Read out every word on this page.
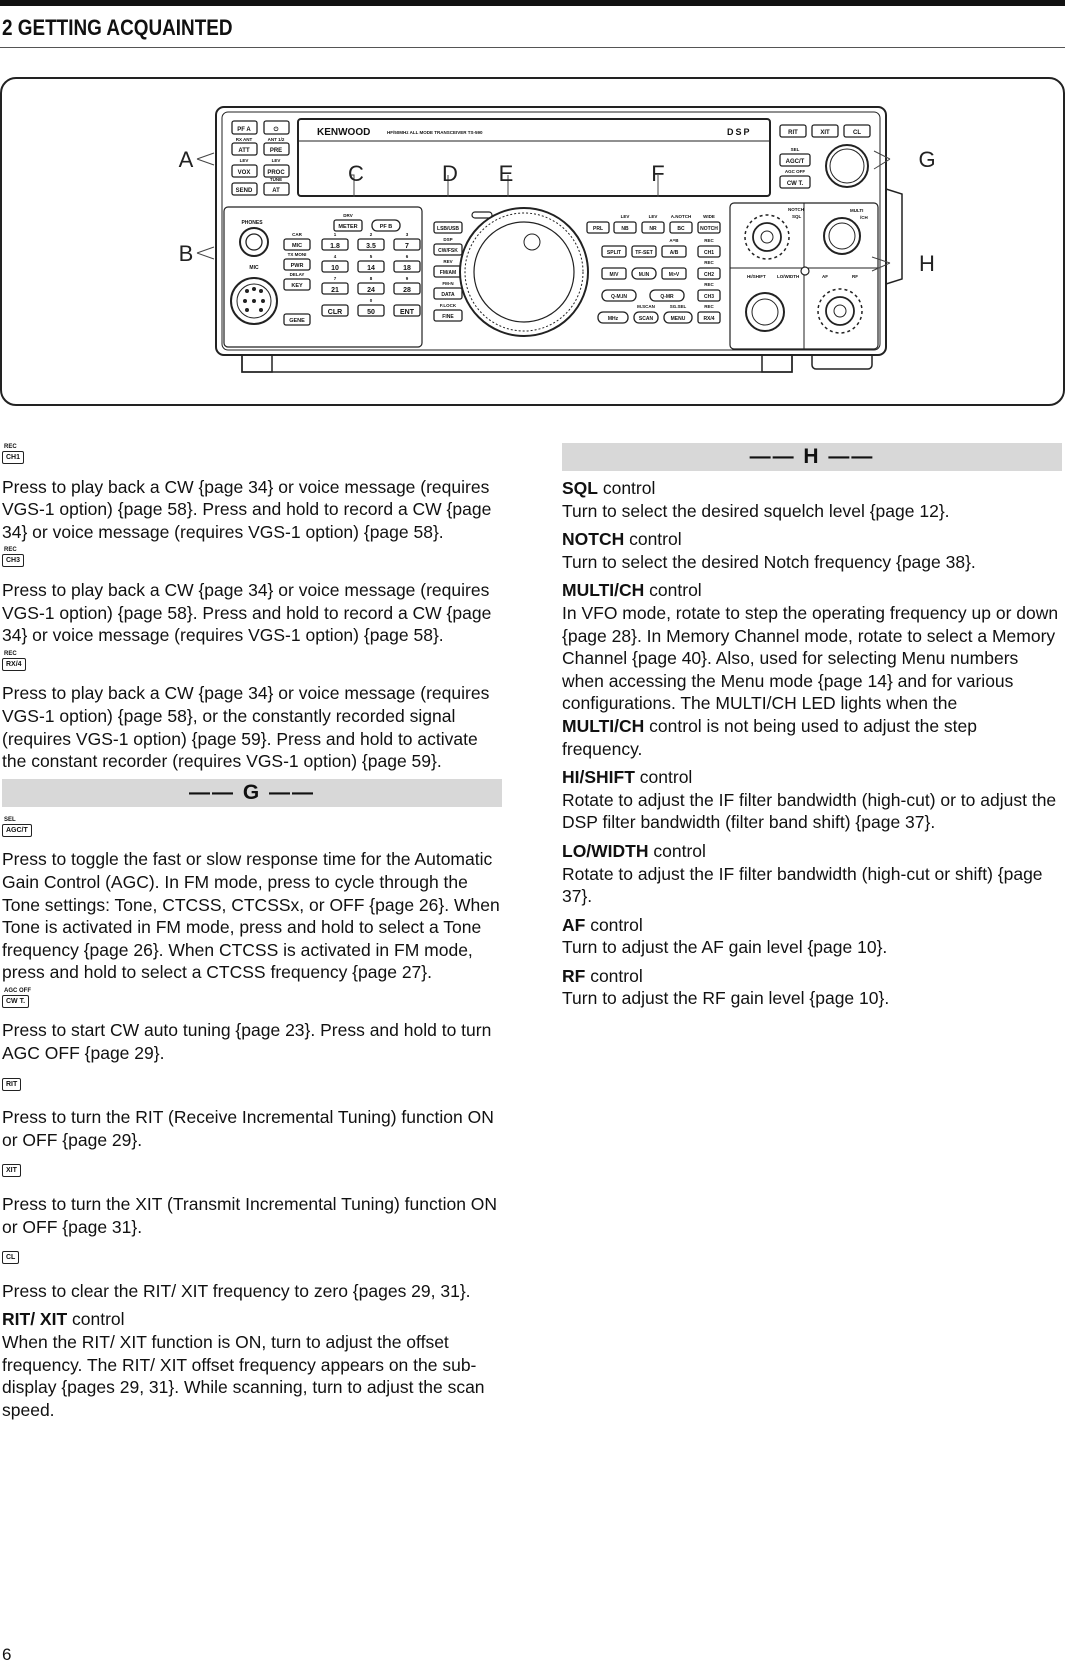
2 GETTING ACQUAINTED
PF A	⏻
RX ANT	ANT 1/2
ATT	PRE
LEV	LEV
VOX	PROC
TUNE
SEND	AT
KENWOOD	HF/50MHz ALL MODE TRANSCEIVER TS-590	DSP	RIT	XIT	CL
SEL
AGC/T
AGC OFF
CW T.
PHONES
MIC
CAR
MIC
TX MONI
PWR
DELAY
KEY
GENE
DRV
METER	PF B
1.8	3.5	7
10	14	18
21	24	28
CLR	50	ENT
1	2	3
4	5	6
7	8	9
0
LSB/USB
DSP
CW/FSK
REV
FM/AM
FM-N
DATA
F.LOCK
FINE
PRL	NB	NR	BC	NOTCH
SPLIT	TF-SET	A/B	CH1
M/V	M.IN	M>V	CH2
Q-M.IN	Q-MR	CH3
MHz	SCAN	MENU	RX/4
LEV	LEV	A.NOTCH	WIDE
A=B	REC
REC
REC
REC
M.SCAN	SG.SEL
NOTCH
SQL
MULTI
/CH
HI/SHIFT	LO/WIDTH	AF	RF
A
B
C	D E	F
G
H
REC
CH1

Press to play back a CW {page 34} or voice message (requires VGS-1 option) {page 58}. Press and hold to record a CW {page 34} or voice message (requires VGS-1 option) {page 58}.

REC
CH3

Press to play back a CW {page 34} or voice message (requires VGS-1 option) {page 58}. Press and hold to record a CW {page 34} or voice message (requires VGS-1 option) {page 58}.

REC
RX/4

Press to play back a CW {page 34} or voice message (requires VGS-1 option) {page 58}, or the constantly recorded signal (requires VGS-1 option) {page 59}. Press and hold to activate the constant recorder (requires VGS-1 option) {page 59}.

—— G ——
SEL
AGC/T

Press to toggle the fast or slow response time for the Automatic Gain Control (AGC). In FM mode, press to cycle through the Tone settings: Tone, CTCSS, CTCSSx, or OFF {page 26}. When Tone is activated in FM mode, press and hold to select a Tone frequency {page 26}. When CTCSS is activated in FM mode, press and hold to select a CTCSS frequency {page 27}.

AGC OFF
CW T.

Press to start CW auto tuning {page 23}. Press and hold to turn AGC OFF {page 29}.

RIT

Press to turn the RIT (Receive Incremental Tuning) function ON or OFF {page 29}.

XIT

Press to turn the XIT (Transmit Incremental Tuning) function ON or OFF {page 31}.

CL

Press to clear the RIT/ XIT frequency to zero {pages 29, 31}.

RIT/ XIT control

When the RIT/ XIT function is ON, turn to adjust the offset frequency. The RIT/ XIT offset frequency appears on the sub-display {pages 29, 31}. While scanning, turn to adjust the scan speed.

—— H ——

SQL control

Turn to select the desired squelch level {page 12}.

NOTCH control

Turn to select the desired Notch frequency {page 38}.

MULTI/CH control

In VFO mode, rotate to step the operating frequency up or down {page 28}. In Memory Channel mode, rotate to select a Memory Channel {page 40}. Also, used for selecting Menu numbers when accessing the Menu mode {page 14} and for various configurations. The MULTI/CH LED lights when the
MULTI/CH control is not being used to adjust the step frequency.

HI/SHIFT control

Rotate to adjust the IF filter bandwidth (high-cut) or to adjust the DSP filter bandwidth (filter band shift) {page 37}.

LO/WIDTH control

Rotate to adjust the IF filter bandwidth (high-cut or shift) {page 37}.

AF control

Turn to adjust the AF gain level {page 10}.

RF control

Turn to adjust the RF gain level {page 10}.

6
